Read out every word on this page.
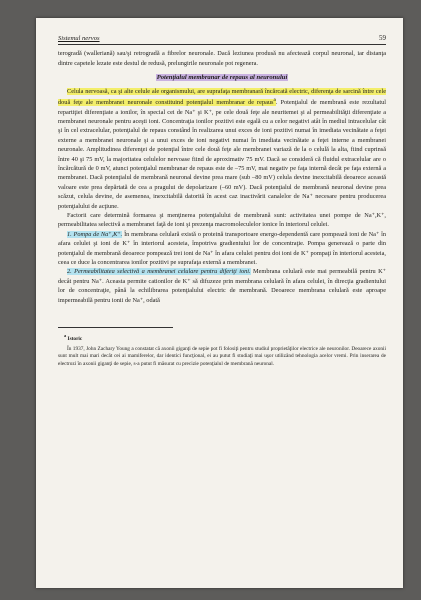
Sistemul nervos	59

terogradă (walleriană) sau/şi retrogradă a fibrelor neuronale. Dacă leziunea produsă nu afectează corpul neuronal, iar distanţa dintre capetele lezate este destul de redusă, prelungirile neuronale pot regenera.

Potenţialul membranar de repaus al neuronului

Celula nervoasă, ca şi alte celule ale organismului, are suprafaţa membranară încărcată electric, diferenţa de sarcină între cele două feţe ale membranei neuronale constituind potenţialul membranar de repaus$^a$. Potenţialul de membrană este rezultatul repartiţiei diferenţiate a ionilor, în special cei de Na⁺ şi K⁺, pe cele două feţe ale neuritemei şi al permeabilităţii diferenţiate a membranei neuronale pentru aceşti ioni. Concentraţia ionilor pozitivi este egală cu a celor negativi atât în mediul intracelular cât şi în cel extracelular, potenţialul de repaus constând în realizarea unui exces de ioni pozitivi numai în imediata vecinătate a feţei externe a membranei neuronale şi a unui exces de ioni negativi numai în imediata vecinătate a feţei interne a membranei neuronale. Amplitudinea diferenţei de potenţial între cele două feţe ale membranei variază de la o celulă la alta, fiind cuprinsă între 40 şi 75 mV, la majoritatea celulelor nervoase fiind de aproximativ 75 mV. Dacă se consideră că fluidul extracelular are o încărcătură de 0 mV, atunci potenţialul membranar de repaus este de –75 mV, mai negativ pe faţa internă decât pe faţa externă a membranei. Dacă potenţialul de membrană neuronal devine prea mare (sub –80 mV) celula devine inexcitabilă deoarece această valoare este prea depărtată de cea a pragului de depolarizare (–60 mV). Dacă potenţialul de membrană neuronal devine prea scăzut, celula devine, de asemenea, inexcitabilă datorită în acest caz inactivării canalelor de Na⁺ necesare pentru producerea potenţialului de acţiune.

Factorii care determină formarea şi menţinerea potenţialului de membrană sunt: activitatea unei pompe de Na⁺,K⁺, permeabilitatea selectivă a membranei faţă de ioni şi prezenţa macromoleculelor ionice în interiorul celulei.

1. Pompa de Na⁺,K⁺. În membrana celulară există o proteină transportoare energo-dependentă care pompează ioni de Na⁺ în afara celulei şi ioni de K⁺ în interiorul acesteia, împotriva gradientului lor de concentraţie. Pompa generează o parte din potenţialul de membrană deoarece pompează trei ioni de Na⁺ în afara celulei pentru doi ioni de K⁺ pompaţi în interiorul acesteia, ceea ce duce la concentrarea ionilor pozitivi pe suprafaţa externă a membranei.

2. Permeabilitatea selectivă a membranei celulare pentru diferiţi ioni. Membrana celulară este mai permeabilă pentru K⁺ decât pentru Na⁺. Aceasta permite cationilor de K⁺ să difuzeze prin membrana celulară în afara celulei, în direcţia gradientului lor de concentraţie, până la echilibrarea potenţialului electric de membrană. Deoarece membrana celulară este aproape impermeabilă pentru ionii de Na⁺, odată

$^a$ Istoric
În 1937, John Zachary Young a constatat că axonii giganţi de sepie pot fi folosiţi pentru studiul proprietăţilor electrice ale neuronilor. Deoarece axonii sunt mult mai mari decât cei ai mamiferelor, dar identici funcţional, ei au putut fi studiaţi mai uşor utilizând tehnologia acelor vremi. Prin inserarea de electrozi în axonii giganţi de sepie, s-a putut fi măsurat cu precizie potenţialul de membrană neuronal.
